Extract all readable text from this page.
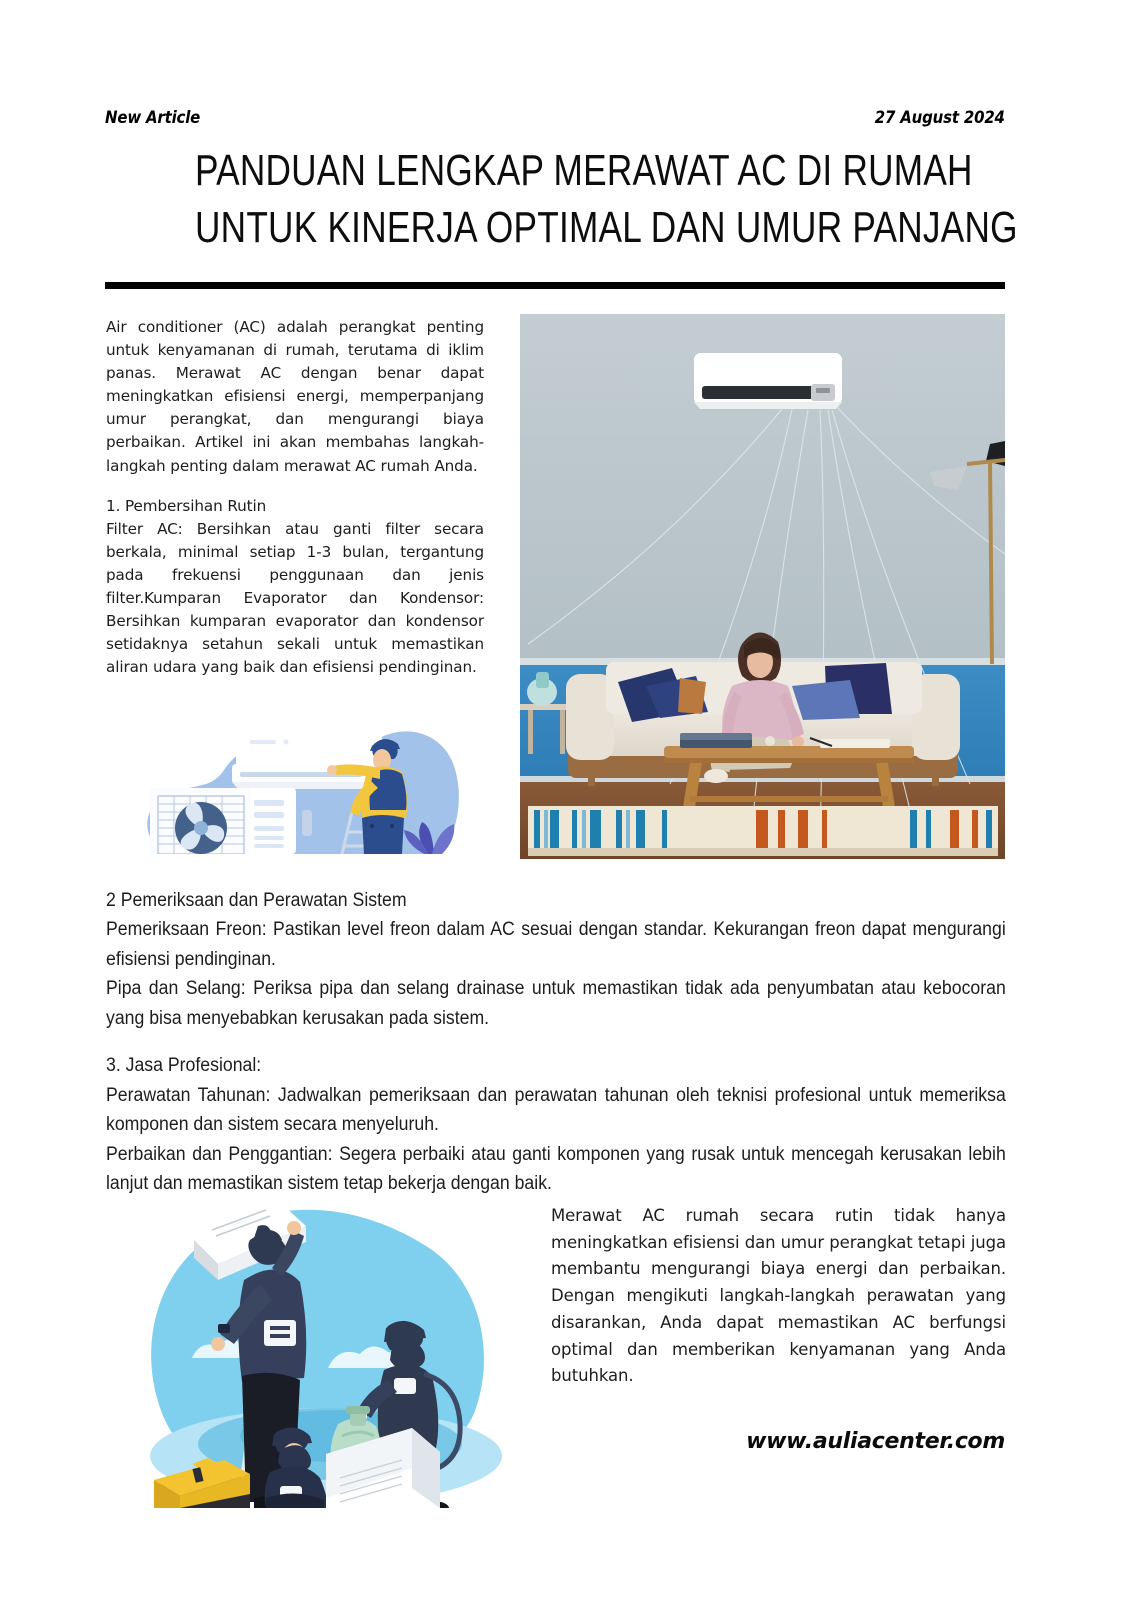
New Article	27 August 2024
PANDUAN LENGKAP MERAWAT AC DI RUMAH
UNTUK KINERJA OPTIMAL DAN UMUR PANJANG

Air conditioner (AC) adalah perangkat penting untuk kenyamanan di rumah, terutama di iklim panas. Merawat AC dengan benar dapat meningkatkan efisiensi energi, memperpanjang umur perangkat, dan mengurangi biaya perbaikan. Artikel ini akan membahas langkah-langkah penting dalam merawat AC rumah Anda.

1. Pembersihan Rutin

Filter AC: Bersihkan atau ganti filter secara berkala, minimal setiap 1-3 bulan, tergantung pada frekuensi penggunaan dan jenis filter.Kumparan Evaporator dan Kondensor: Bersihkan kumparan evaporator dan kondensor setidaknya setahun sekali untuk memastikan aliran udara yang baik dan efisiensi pendinginan.

2 Pemeriksaan dan Perawatan Sistem

Pemeriksaan Freon: Pastikan level freon dalam AC sesuai dengan standar. Kekurangan freon dapat mengurangi efisiensi pendinginan.

Pipa dan Selang: Periksa pipa dan selang drainase untuk memastikan tidak ada penyumbatan atau kebocoran yang bisa menyebabkan kerusakan pada sistem.

3. Jasa Profesional:

Perawatan Tahunan: Jadwalkan pemeriksaan dan perawatan tahunan oleh teknisi profesional untuk memeriksa komponen dan sistem secara menyeluruh.

Perbaikan dan Penggantian: Segera perbaiki atau ganti komponen yang rusak untuk mencegah kerusakan lebih lanjut dan memastikan sistem tetap bekerja dengan baik.

Merawat AC rumah secara rutin tidak hanya meningkatkan efisiensi dan umur perangkat tetapi juga membantu mengurangi biaya energi dan perbaikan. Dengan mengikuti langkah-langkah perawatan yang disarankan, Anda dapat memastikan AC berfungsi optimal dan memberikan kenyamanan yang Anda butuhkan.

www.auliacenter.com
